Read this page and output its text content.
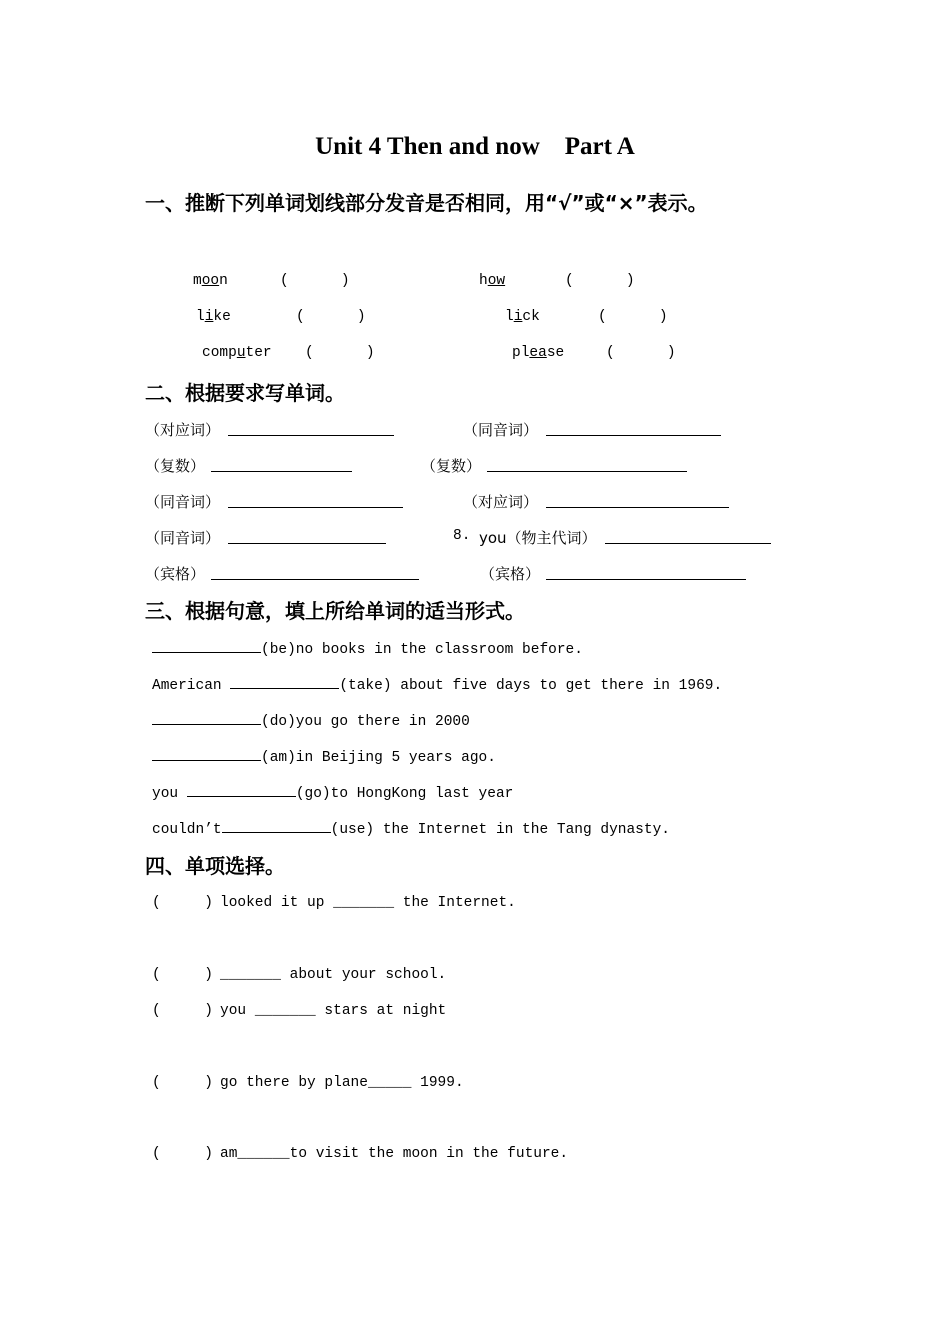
Unit 4 Then and now    Part A
一、推断下列单词划线部分发音是否相同，用“√”或“×”表示。
moon	(      )	how	(      )
like	(      )	lick	(      )
computer (      )	please	(      )
二、根据要求写单词。
（对应词）	（同音词）
（复数）	（复数）
（同音词）	（对应词）
（同音词）	8. you（物主代词）
（宾格）	（宾格）
三、根据句意，填上所给单词的适当形式。
(be)no books in the classroom before.
American	(take) about five days to get there in 1969.
(do)you go there in 2000
(am)in Beijing 5 years ago.
you	(go)to HongKong last year
couldn’t	(use) the Internet in the Tang dynasty.
四、单项选择。
(     ) looked it up _______ the Internet.
(     ) _______ about your school.
(     ) you _______ stars at night
(     ) go there by plane_____ 1999.
(     ) am______to visit the moon in the future.
